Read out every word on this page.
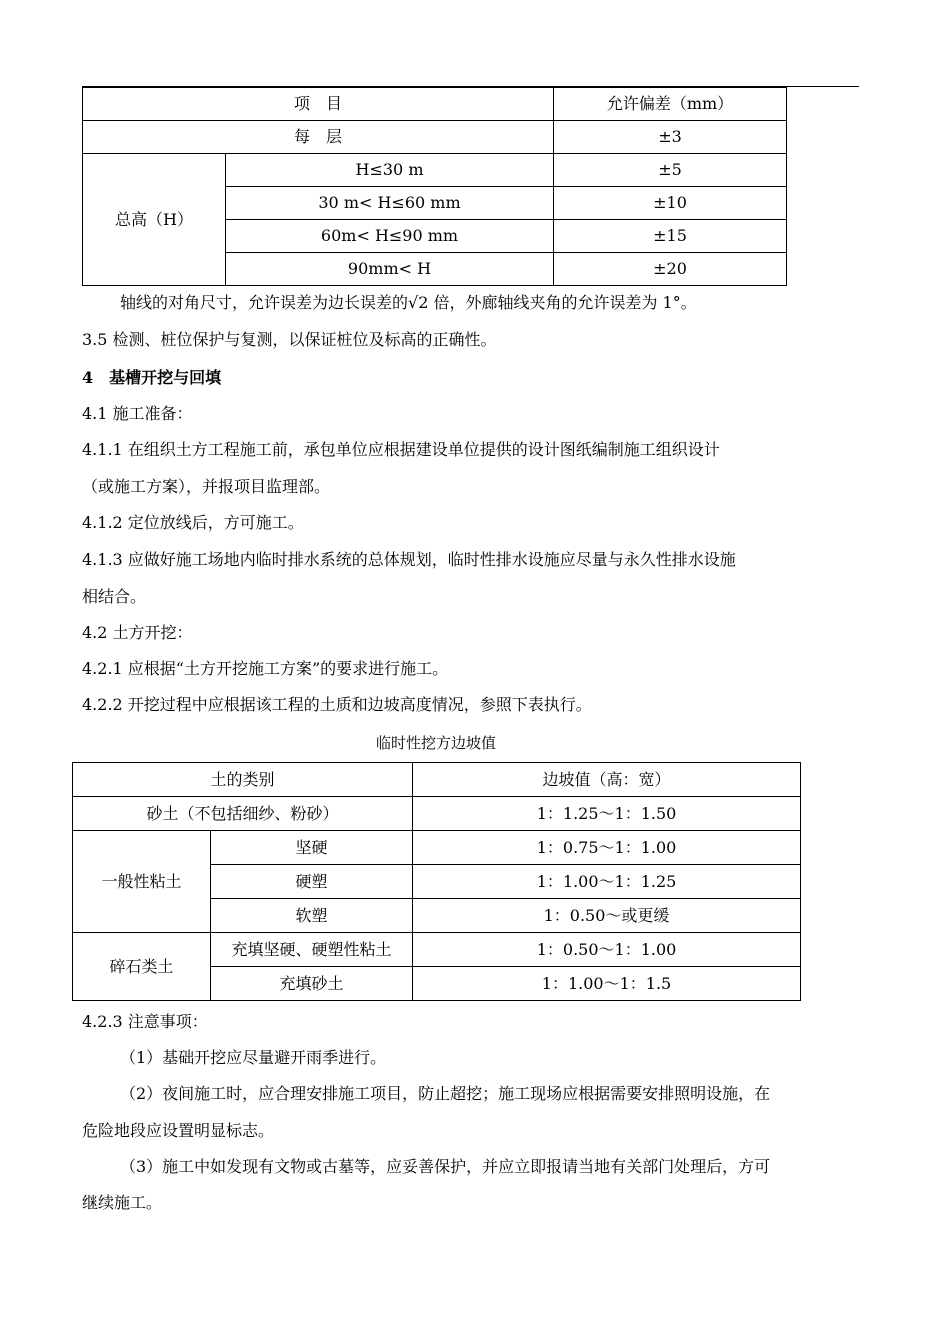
项　目		允许偏差（mm）
每　层		±3
总高（H）	H≤30 m	±5
	30 m< H≤60 mm	±10
	60m< H≤90 mm	±15
	90mm< H	±20
轴线的对角尺寸，允许误差为边长误差的√2 倍，外廊轴线夹角的允许误差为 1°。
3.5 检测、桩位保护与复测，以保证桩位及标高的正确性。
4　基槽开挖与回填
4.1 施工准备：
4.1.1 在组织土方工程施工前，承包单位应根据建设单位提供的设计图纸编制施工组织设计
（或施工方案），并报项目监理部。
4.1.2 定位放线后，方可施工。
4.1.3 应做好施工场地内临时排水系统的总体规划，临时性排水设施应尽量与永久性排水设施
相结合。
4.2 土方开挖：
4.2.1 应根据“土方开挖施工方案”的要求进行施工。
4.2.2 开挖过程中应根据该工程的土质和边坡高度情况，参照下表执行。
临时性挖方边坡值
土的类别		边坡值（高：宽）
砂土（不包括细纱、粉砂）		1：1.25～1：1.50
一般性粘土	坚硬	1：0.75～1：1.00
	硬塑	1：1.00～1：1.25
	软塑	1：0.50～或更缓
碎石类土	充填坚硬、硬塑性粘土	1：0.50～1：1.00
	充填砂土	1：1.00～1：1.5
4.2.3 注意事项：
（1）基础开挖应尽量避开雨季进行。
（2）夜间施工时，应合理安排施工项目，防止超挖；施工现场应根据需要安排照明设施，在
危险地段应设置明显标志。
（3）施工中如发现有文物或古墓等，应妥善保护，并应立即报请当地有关部门处理后，方可
继续施工。
